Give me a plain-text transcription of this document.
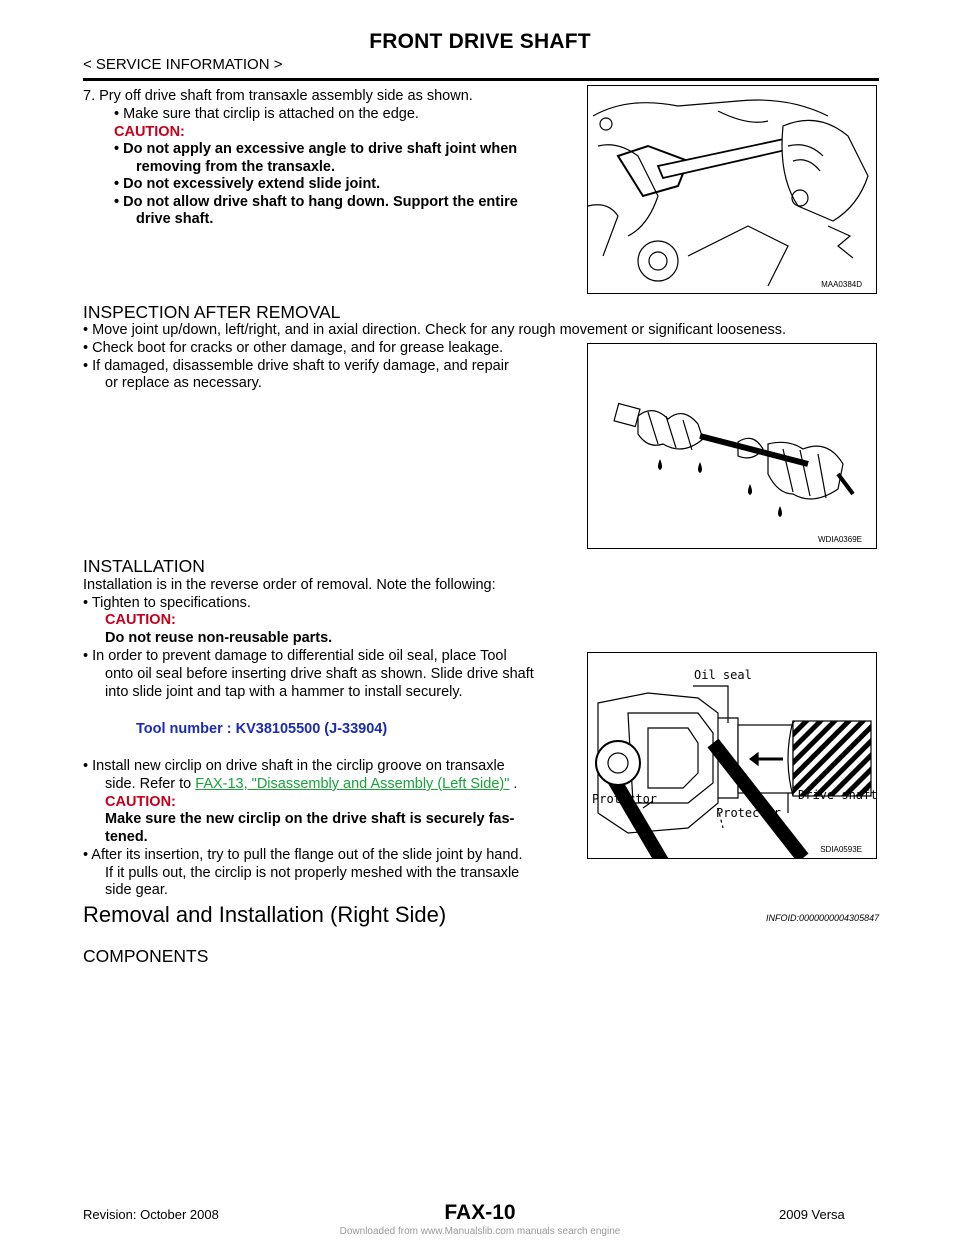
FRONT DRIVE SHAFT
< SERVICE INFORMATION >
7. Pry off drive shaft from transaxle assembly side as shown.
• Make sure that circlip is attached on the edge.
CAUTION:
• Do not apply an excessive angle to drive shaft joint when
removing from the transaxle.
• Do not excessively extend slide joint.
• Do not allow drive shaft to hang down. Support the entire
drive shaft.
MAA0384D
INSPECTION AFTER REMOVAL
• Move joint up/down, left/right, and in axial direction. Check for any rough movement or significant looseness.
• Check boot for cracks or other damage, and for grease leakage.
• If damaged, disassemble drive shaft to verify damage, and repair
or replace as necessary.
WDIA0369E
INSTALLATION
Installation is in the reverse order of removal. Note the following:
• Tighten to specifications.
CAUTION:
Do not reuse non-reusable parts.
• In order to prevent damage to differential side oil seal, place Tool
onto oil seal before inserting drive shaft as shown. Slide drive shaft
into slide joint and tap with a hammer to install securely.
Tool number : KV38105500 (J-33904)
• Install new circlip on drive shaft in the circlip groove on transaxle
side. Refer to FAX-13, "Disassembly and Assembly (Left Side)" .
CAUTION:
Make sure the new circlip on the drive shaft is securely fas-
tened.
• After its insertion, try to pull the flange out of the slide joint by hand.
If it pulls out, the circlip is not properly meshed with the transaxle
side gear.
Oil seal
Protector
Protector
Drive shaft
SDIA0593E
Removal and Installation (Right Side)	INFOID:0000000004305847
COMPONENTS
Revision: October 2008	FAX-10	2009 Versa
Downloaded from www.Manualslib.com manuals search engine
